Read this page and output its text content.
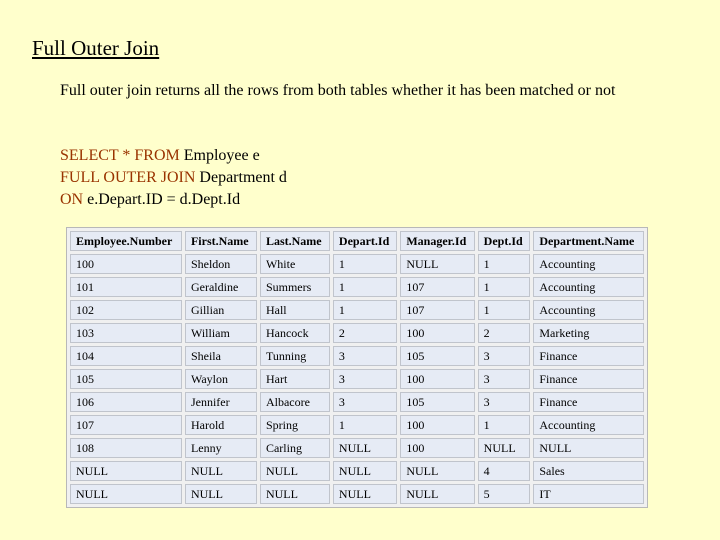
Full Outer Join
Full outer join returns all the rows from both tables whether it has been matched or not
SELECT * FROM Employee e
FULL OUTER JOIN Department d
ON e.Depart.ID = d.Dept.Id
Employee.Number	First.Name	Last.Name	Depart.Id	Manager.Id	Dept.Id	Department.Name
100	Sheldon	White	1	NULL	1	Accounting
101	Geraldine	Summers	1	107	1	Accounting
102	Gillian	Hall	1	107	1	Accounting
103	William	Hancock	2	100	2	Marketing
104	Sheila	Tunning	3	105	3	Finance
105	Waylon	Hart	3	100	3	Finance
106	Jennifer	Albacore	3	105	3	Finance
107	Harold	Spring	1	100	1	Accounting
108	Lenny	Carling	NULL	100	NULL	NULL
NULL	NULL	NULL	NULL	NULL	4	Sales
NULL	NULL	NULL	NULL	NULL	5	IT
